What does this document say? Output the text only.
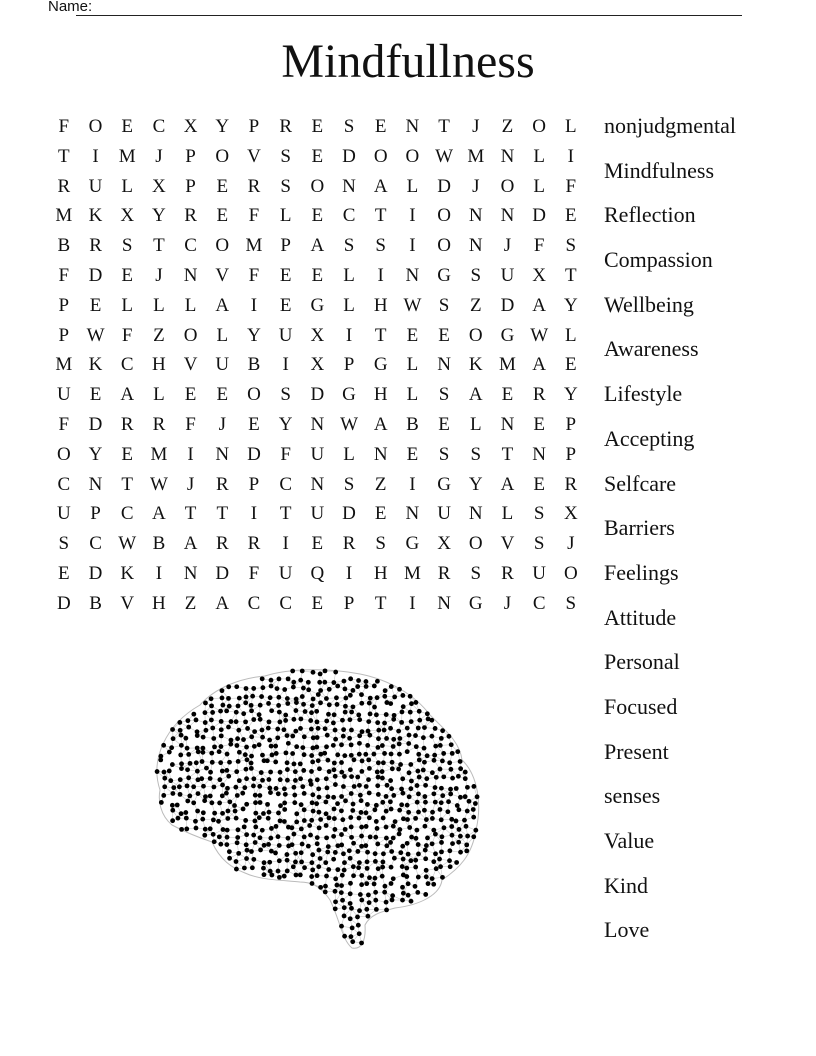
Name:
Mindfullness
F	O	E	C X Y	P	R	E	S	E	N	T	J	Z	O	L
T	I	M	J	P	O V	S	E	D O O W M N	L	I
R U	L	X	P	E	R	S	O N A	L	D	J	O	L	F
M K X Y R	E	F	L	E	C	T	I	O N N D	E
B	R	S	T	C O M P	A	S	S	I	O N	J	F	S
F	D	E	J	N V	F	E	E	L	I	N G	S	U X	T
P	E	L	L	L	A	I	E	G	L	H W S	Z	D A Y
P W F	Z	O	L	Y U X	I	T	E	E	O G W L
M K C H V U B	I	X	P	G	L	N K M A	E
U	E	A	L	E	E	O	S	D G H	L	S	A	E	R Y
F	D R	R	F	J	E	Y N W A B	E	L	N	E	P
O Y	E M	I	N D	F	U	L	N	E	S	S	T	N	P
C N	T W	J	R	P	C N	S	Z	I	G Y A	E	R
U	P	C A	T	T	I	T	U D	E	N U N	L	S	X
S	C W B A R	R	I	E	R	S	G X O V	S	J
E	D K	I	N D	F	U Q	I	H M R	S	R U O
D B V H	Z	A C	C	E	P	T	I	N G	J	C	S
nonjudgmental
Mindfulness
Reflection
Compassion
Wellbeing
Awareness
Lifestyle
Accepting
Selfcare
Barriers
Feelings
Attitude
Personal
Focused
Present
senses
Value
Kind
Love
